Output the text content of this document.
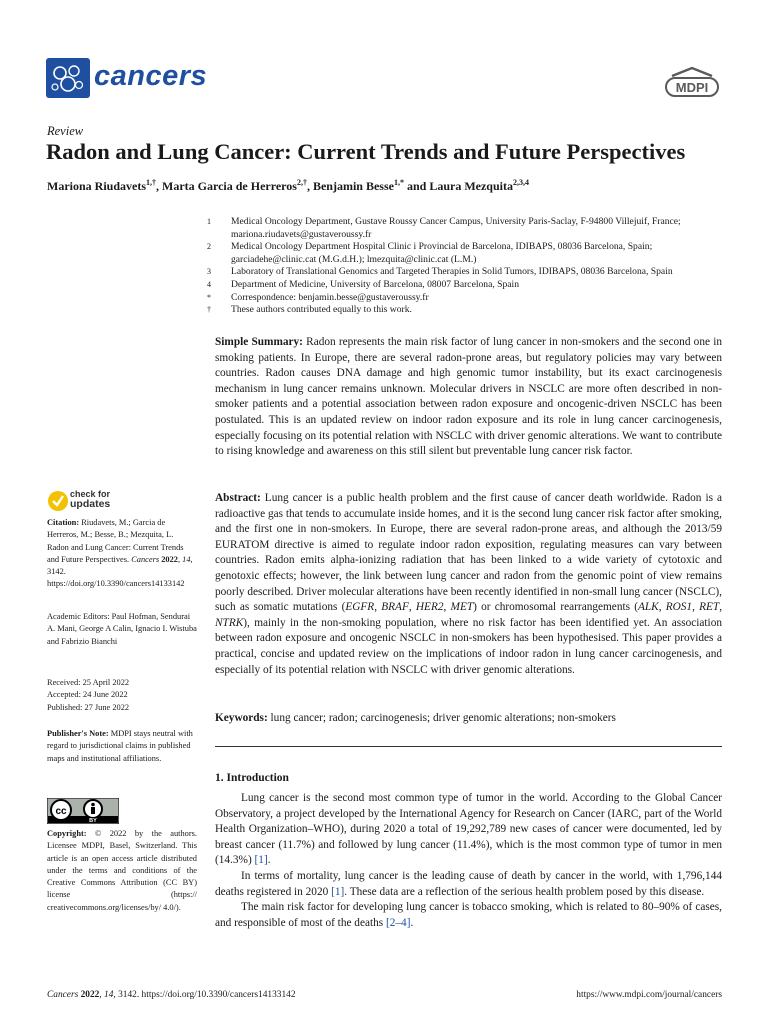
cancers	MDPI
Review
Radon and Lung Cancer: Current Trends and Future Perspectives
Mariona Riudavets$^{1,\dagger}$, Marta Garcia de Herreros$^{2,\dagger}$, Benjamin Besse$^{1,*}$ and Laura Mezquita$^{2,3,4}$
1	Medical Oncology Department, Gustave Roussy Cancer Campus, University Paris-Saclay, F-94800 Villejuif, France; mariona.riudavets@gustaveroussy.fr
2	Medical Oncology Department Hospital Clinic i Provincial de Barcelona, IDIBAPS, 08036 Barcelona, Spain; garciadehe@clinic.cat (M.G.d.H.); lmezquita@clinic.cat (L.M.)
3	Laboratory of Translational Genomics and Targeted Therapies in Solid Tumors, IDIBAPS, 08036 Barcelona, Spain
4	Department of Medicine, University of Barcelona, 08007 Barcelona, Spain
*	Correspondence: benjamin.besse@gustaveroussy.fr
†	These authors contributed equally to this work.
Simple Summary: Radon represents the main risk factor of lung cancer in non-smokers and the second one in smoking patients. In Europe, there are several radon-prone areas, but regulatory policies may vary between countries. Radon causes DNA damage and high genomic tumor instability, but its exact carcinogenesis mechanism in lung cancer remains unknown. Molecular drivers in NSCLC are more often described in non-smoker patients and a potential association between radon exposure and oncogenic-driven NSCLC has been postulated. This is an updated review on indoor radon exposure and its role in lung cancer carcinogenesis, especially focusing on its potential relation with NSCLC with driver genomic alterations. We want to contribute to rising knowledge and awareness on this still silent but preventable lung cancer risk factor.
Abstract: Lung cancer is a public health problem and the first cause of cancer death worldwide. Radon is a radioactive gas that tends to accumulate inside homes, and it is the second lung cancer risk factor after smoking, and the first one in non-smokers. In Europe, there are several radon-prone areas, and although the 2013/59 EURATOM directive is aimed to regulate indoor radon exposition, regulating measures can vary between countries. Radon emits alpha-ionizing radiation that has been linked to a wide variety of cytotoxic and genotoxic effects; however, the link between lung cancer and radon from the genomic point of view remains poorly described. Driver molecular alterations have been recently identified in non-small lung cancer (NSCLC), such as somatic mutations (EGFR, BRAF, HER2, MET) or chromosomal rearrangements (ALK, ROS1, RET, NTRK), mainly in the non-smoking population, where no risk factor has been identified yet. An association between radon exposure and oncogenic NSCLC in non-smokers has been hypothesised. This paper provides a practical, concise and updated review on the implications of indoor radon in lung cancer carcinogenesis, and especially of its potential relation with NSCLC with driver genomic alterations.
Keywords: lung cancer; radon; carcinogenesis; driver genomic alterations; non-smokers
1. Introduction

Lung cancer is the second most common type of tumor in the world. According to the Global Cancer Observatory, a project developed by the International Agency for Research on Cancer (IARC, part of the World Health Organization–WHO), during 2020 a total of 19,292,789 new cases of cancer were documented, led by breast cancer (11.7%) and followed by lung cancer (11.4%), which is the most common type of tumor in men (14.3%) [1].

In terms of mortality, lung cancer is the leading cause of death by cancer in the world, with 1,796,144 deaths registered in 2020 [1]. These data are a reflection of the serious health problem posed by this disease.

The main risk factor for developing lung cancer is tobacco smoking, which is related to 80–90% of cases, and responsible of most of the deaths [2–4].

check for
updates
Citation: Riudavets, M.; Garcia de Herreros, M.; Besse, B.; Mezquita, L. Radon and Lung Cancer: Current Trends and Future Perspectives. Cancers 2022, 14, 3142. https://doi.org/10.3390/cancers14133142
Academic Editors: Paul Hofman, Sendurai A. Mani, George A Calin, Ignacio I. Wistuba and Fabrizio Bianchi
Received: 25 April 2022
Accepted: 24 June 2022
Published: 27 June 2022
Publisher's Note: MDPI stays neutral with regard to jurisdictional claims in published maps and institutional affiliations.
cc
BY
Copyright: © 2022 by the authors. Licensee MDPI, Basel, Switzerland. This article is an open access article distributed under the terms and conditions of the Creative Commons Attribution (CC BY) license (https:// creativecommons.org/licenses/by/ 4.0/).
Cancers 2022, 14, 3142. https://doi.org/10.3390/cancers14133142	https://www.mdpi.com/journal/cancers
